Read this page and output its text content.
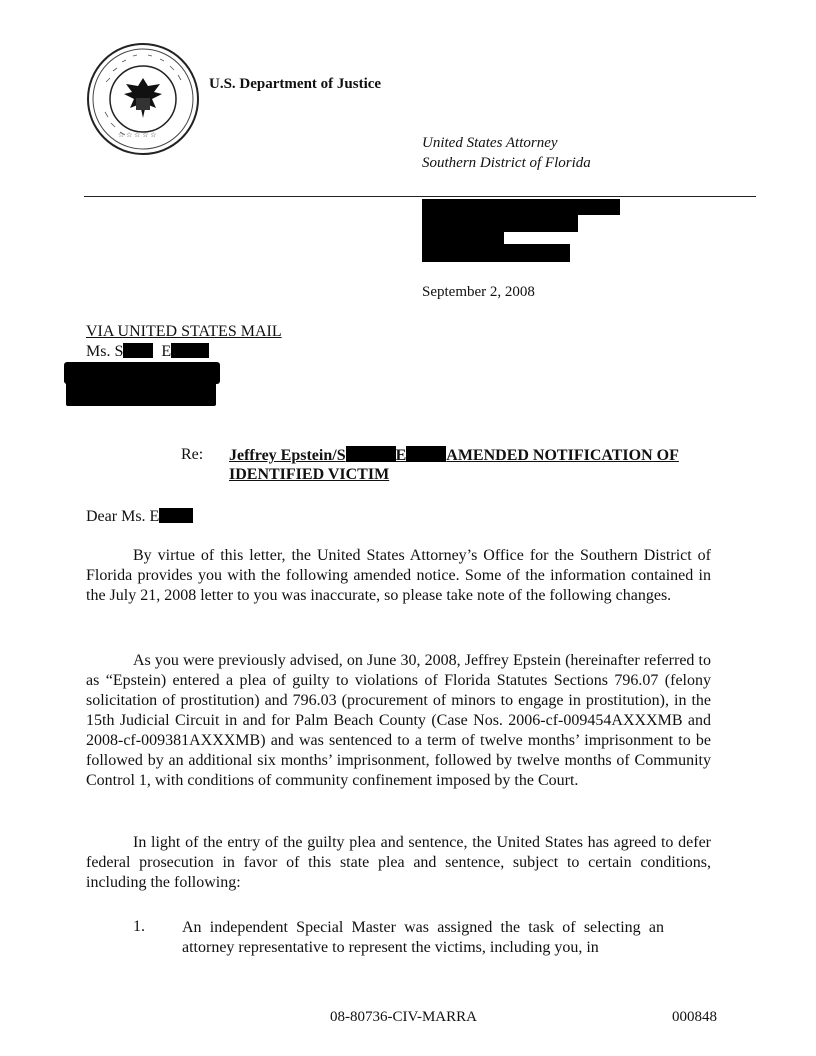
☆ ☆ ☆ ☆ ☆
U.S. Department of Justice
United States Attorney
Southern District of Florida
September 2, 2008
VIA UNITED STATES MAIL
Ms. S E
Re: Jeffrey Epstein/S	E	AMENDED NOTIFICATION OF IDENTIFIED VICTIM
Dear Ms. E
By virtue of this letter, the United States Attorney’s Office for the Southern District of Florida provides you with the following amended notice. Some of the information contained in the July 21, 2008 letter to you was inaccurate, so please take note of the following changes.
As you were previously advised, on June 30, 2008, Jeffrey Epstein (hereinafter referred to as “Epstein) entered a plea of guilty to violations of Florida Statutes Sections 796.07 (felony solicitation of prostitution) and 796.03 (procurement of minors to engage in prostitution), in the 15th Judicial Circuit in and for Palm Beach County (Case Nos. 2006-cf-009454AXXXMB and 2008-cf-009381AXXXMB) and was sentenced to a term of twelve months’ imprisonment to be followed by an additional six months’ imprisonment, followed by twelve months of Community Control 1, with conditions of community confinement imposed by the Court.
In light of the entry of the guilty plea and sentence, the United States has agreed to defer federal prosecution in favor of this state plea and sentence, subject to certain conditions, including the following:
1. An independent Special Master was assigned the task of selecting an attorney representative to represent the victims, including you, in
08-80736-CIV-MARRA	000848
